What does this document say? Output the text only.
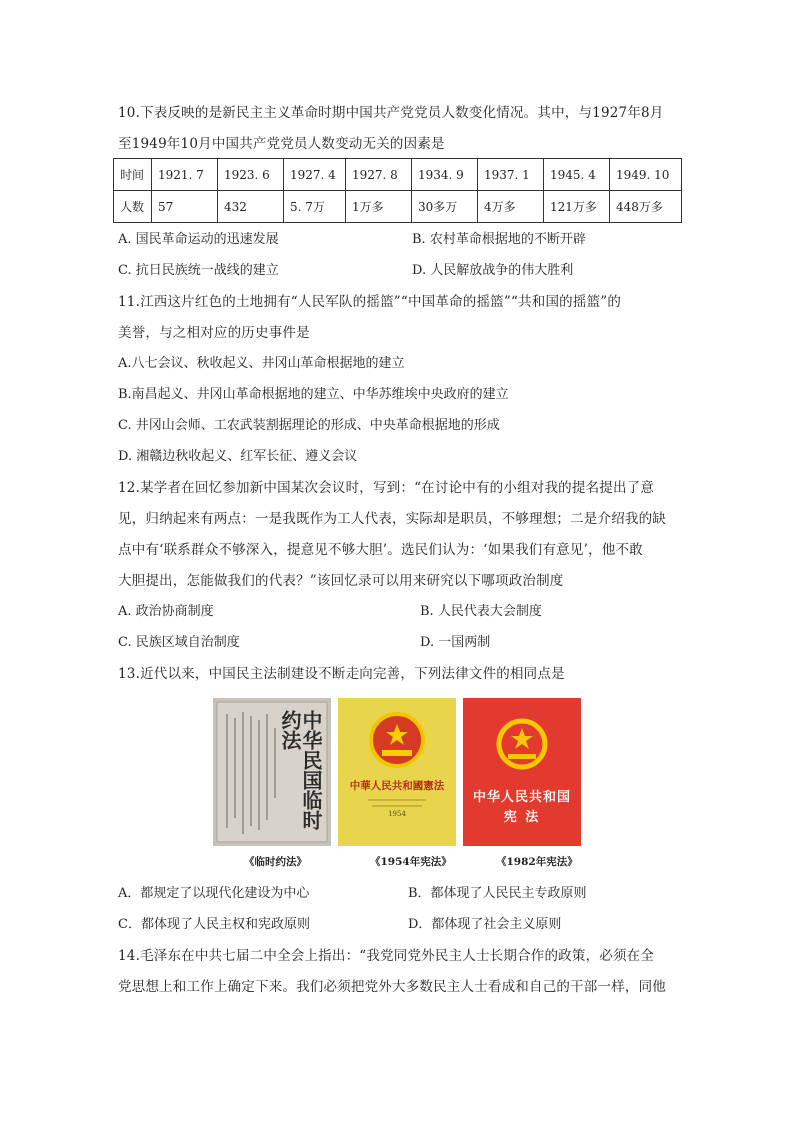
10.下表反映的是新民主主义革命时期中国共产党党员人数变化情况。其中，与1927年8月
至1949年10月中国共产党党员人数变动无关的因素是
时间	1921. 7	1923. 6	1927. 4	1927. 8	1934. 9	1937. 1	1945. 4	1949. 10
人数	57	432	5. 7万	1万多	30多万	4万多	121万多	448万多
A. 国民革命运动的迅速发展	B. 农村革命根据地的不断开辟
C. 抗日民族统一战线的建立	D. 人民解放战争的伟大胜利
11.江西这片红色的土地拥有“人民军队的摇篮”“中国革命的摇篮”“共和国的摇篮”的
美誉，与之相对应的历史事件是
A.八七会议、秋收起义、井冈山革命根据地的建立
B.南昌起义、井冈山革命根据地的建立、中华苏维埃中央政府的建立
C. 井冈山会师、工农武装割据理论的形成、中央革命根据地的形成
D. 湘赣边秋收起义、红军长征、遵义会议
12.某学者在回忆参加新中国某次会议时，写到：“在讨论中有的小组对我的提名提出了意
见，归纳起来有两点：一是我既作为工人代表，实际却是职员，不够理想；二是介绍我的缺
点中有‘联系群众不够深入，提意见不够大胆’。选民们认为：‘如果我们有意见’，他不敢
大胆提出，怎能做我们的代表？”该回忆录可以用来研究以下哪项政治制度
A. 政治协商制度	B. 人民代表大会制度
C. 民族区域自治制度	D. 一国两制
13.近代以来，中国民主法制建设不断走向完善，下列法律文件的相同点是
中华民国临时约法
中華人民共和國憲法
1954
中华人民共和国
宪 法
《临时约法》	《1954年宪法》	《1982年宪法》
A．都规定了以现代化建设为中心	B．都体现了人民民主专政原则
C．都体现了人民主权和宪政原则	D．都体现了社会主义原则
14.毛泽东在中共七届二中全会上指出：“我党同党外民主人士长期合作的政策，必须在全
党思想上和工作上确定下来。我们必须把党外大多数民主人士看成和自己的干部一样，同他
